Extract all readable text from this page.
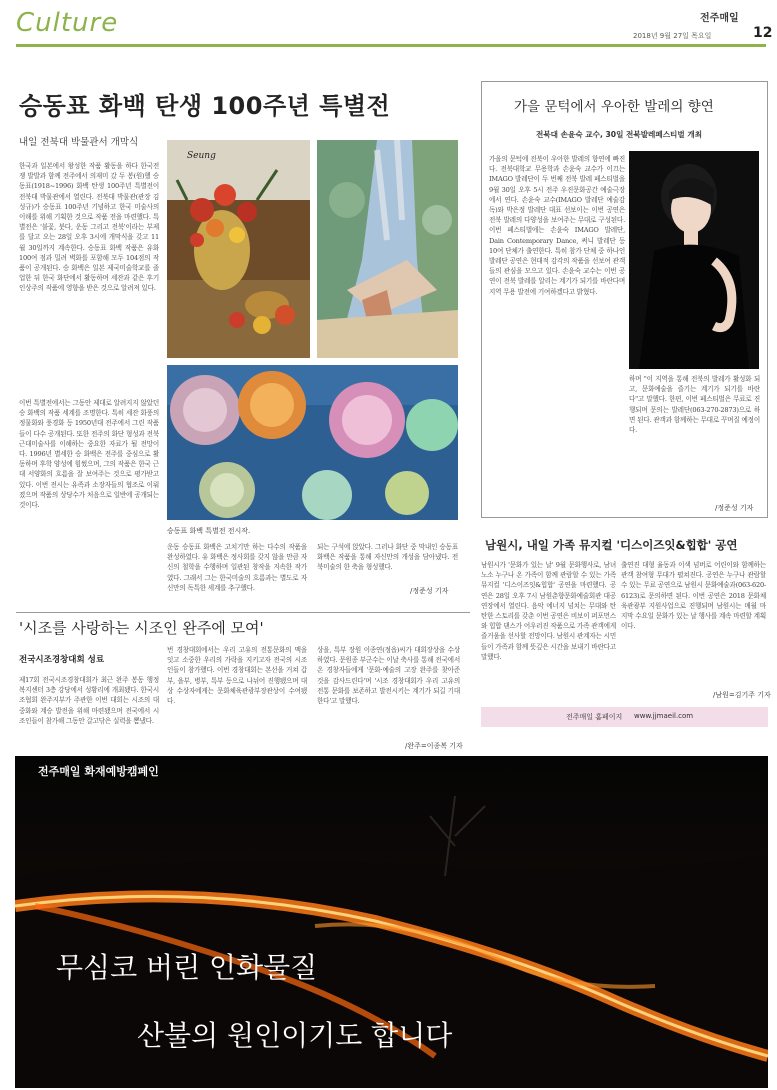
Culture	전주매일
2018년 9월 27일 목요일	12
승동표 화백 탄생 100주년 특별전
내일 전북대 박물관서 개막식
한국과 일본에서 왕성한 작품 활동을 하다 한국전쟁 발발과 함께 전주에서 의재미 갔 두 봉(원)했 승동표(1918~1996) 화백 탄생 100주년 특별전이 전북대 박물관에서 열린다. 전북대 박물관(관장 김성규)가 승동표 100주년 기념하고 한국 미술사의 이해를 위해 기획한 것으로 작품 전을 마련했다. 특별전은 '불꽃, 붓다, 운동 그리고 전북'이라는 부제를 달고 오는 28일 오후 3시에 개막식을 갖고 11월 30일까지 계속한다. 승동표 화백 작품은 유화 100여 점과 밀려 벽화를 포함해 모두 104점의 작품이 공개된다. 승 화백은 일본 제국미술학교를 졸업한 뒤 한국 화단에서 활동하며 세잔과 같은 후기 인상주의 작품에 영향을 받은 것으로 알려져 있다.
이번 특별전에서는 그동안 제대로 알려지지 않았던 승 화백의 작품 세계를 조명한다. 특히 세잔 화풍의 정물화와 풍경화 등 1950년대 전주에서 그린 작품들이 다수 공개된다. 또한 전주의 화단 형성과 전북 근대미술사를 이해하는 중요한 자료가 될 전망이다. 1996년 별세한 승 화백은 전주를 중심으로 활동하며 후학 양성에 힘썼으며, 그의 작품은 한국 근대 서양화의 흐름을 잘 보여주는 것으로 평가받고 있다. 이번 전시는 유족과 소장자들의 협조로 이뤄졌으며 작품의 상당수가 처음으로 일반에 공개되는 것이다.
Seung
승동표 화백 특별전 전시작.
운동 승동표 화백은 고치기만 하는 다수의 작품을 완성하였다. 유 화백은 정사회를 갖지 않을 만큼 자신의 철학을 수행하며 일관된 창작을 지속한 작가였다. 그래서 그는 한국미술의 흐름과는 별도로 자신만의 독특한 세계를 추구했다.
되는 구석에 앉았다. 그러나 화단 중 막내인 승동표 화백은 작품을 통해 자신만의 개성을 담아냈다. 전북미술의 한 축을 형성했다.
/정준성 기자
가을 문턱에서 우아한 발레의 향연
전북대 손윤숙 교수, 30일 전북발레페스티벌 개최
가을의 문턱에 전북이 우아한 발레의 향연에 빠진다. 전북대학교 무용학과 손윤숙 교수가 이끄는 IMAGO 발레단이 두 번째 전북 발레 페스티벌을 9월 30일 오후 5시 전주 우진문화공간 예술극장에서 연다. 손윤숙 교수(IMAGO 발레단 예술감독)와 박은정 발레단 대표 선보이는 이번 공연은 전북 발레의 다양성을 보여주는 무대로 구성된다. 이번 페스티벌에는 손윤숙 IMAGO 발레단, Dain Contemporary Dance, 써니 발레단 등 10여 단체가 출연한다. 특히 참가 단체 중 하나인 발레단 공연은 현대적 감각의 작품을 선보여 관객들의 관심을 모으고 있다. 손윤숙 교수는 이번 공연이 전북 발레를 알리는 계기가 되기를 바란다며 지역 무용 발전에 기여하겠다고 밝혔다.
하며 "이 지역을 통해 전북의 발레가 활성화 되고, 문화예술을 즐기는 계기가 되기를 바란다"고 말했다. 한편, 이번 페스티벌은 무료로 진행되며 문의는 발레단(063-270-2873)으로 하면 된다. 관객과 함께하는 무대로 꾸며질 예정이다.
/정준성 기자
남원시, 내일 가족 뮤지컬 '디스이즈잇&힙합' 공연
남원시가 '문화가 있는 날' 9월 문화행사로, 남녀노소 누구나 온 가족이 함께 관람할 수 있는 가족뮤지컬 '디스이즈잇&힙합' 공연을 마련했다. 공연은 28일 오후 7시 남원춘향문화예술회관 대공연장에서 열린다. 음악 에너지 넘치는 무대와 탄탄한 스토리를 갖춘 이번 공연은 비보이 퍼포먼스와 힙합 댄스가 어우러진 작품으로 가족 관객에게 즐거움을 선사할 전망이다. 남원시 관계자는 시민들이 가족과 함께 뜻깊은 시간을 보내기 바란다고 말했다.
출연진 대형 율동과 이색 넘버로 어린이와 함께하는 관객 참여형 무대가 펼쳐진다. 공연은 누구나 관람할 수 있는 무료 공연으로 남원시 문화예술과(063-620-6123)로 문의하면 된다. 이번 공연은 2018 문화체육관광부 지원사업으로 진행되며 남원시는 매월 마지막 수요일 문화가 있는 날 행사를 계속 마련할 계획이다.
/남원=김기주 기자
'시조를 사랑하는 시조인 완주에 모여'
전국시조경창대회 성료
제17회 전국시조경창대회가 최근 완주 봉동 행정복지센터 3층 강당에서 성황리에 개최됐다. 한국시조협회 완주지부가 주관한 이번 대회는 시조의 대중화와 계승 발전을 위해 마련됐으며 전국에서 시조인들이 참가해 그동안 갈고닦은 실력을 뽐냈다.
번 경창대회에서는 우리 고유의 전통문화의 맥을 잇고 소중한 우리의 가락을 지키고자 전국의 시조인들이 참가했다. 이번 경창대회는 본선을 거쳐 갑부, 을부, 병부, 특부 등으로 나뉘어 진행됐으며 대상 수상자에게는 문화체육관광부장관상이 수여됐다.
상을, 특부 장원 이종연(정읍)씨가 대회장상을 수상하였다. 문원종 부군수는 이날 축사를 통해 전국에서 온 경창자들에게 '문화·예술의 고장 완주를 찾아준 것을 감사드린다'며 '시조 경창대회가 우리 고유의 전통 문화를 보존하고 발전시키는 계기가 되길 기대한다'고 말했다.
/완주=이종복 기자
전주매일 홈페이지 www.jjmaeil.com
전주매일 화재예방캠페인
무심코 버린 인화물질
산불의 원인이기도 합니다
